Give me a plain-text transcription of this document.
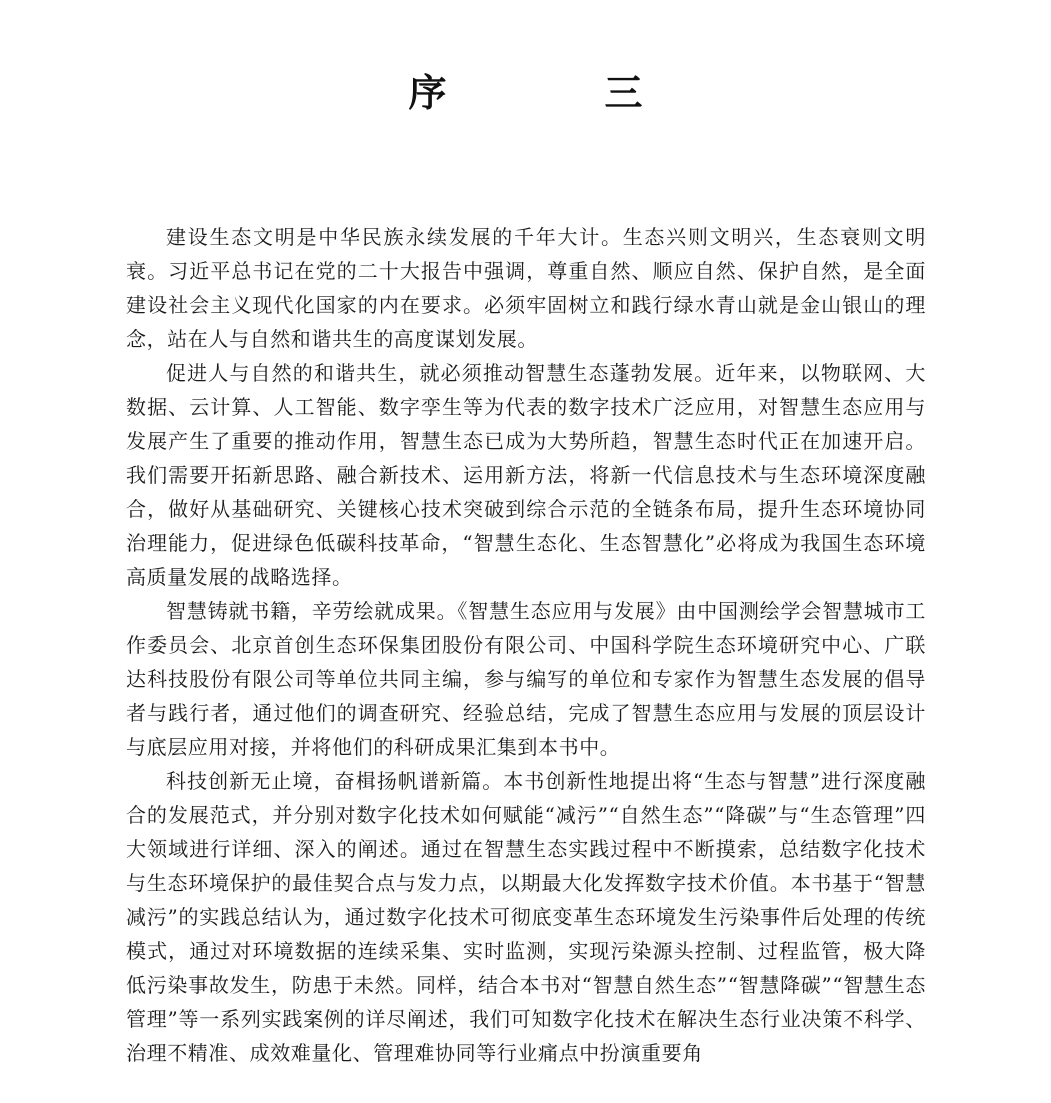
序　三

建设生态文明是中华民族永续发展的千年大计。生态兴则文明兴，生态衰则文明衰。习近平总书记在党的二十大报告中强调，尊重自然、顺应自然、保护自然，是全面建设社会主义现代化国家的内在要求。必须牢固树立和践行绿水青山就是金山银山的理念，站在人与自然和谐共生的高度谋划发展。

促进人与自然的和谐共生，就必须推动智慧生态蓬勃发展。近年来，以物联网、大数据、云计算、人工智能、数字孪生等为代表的数字技术广泛应用，对智慧生态应用与发展产生了重要的推动作用，智慧生态已成为大势所趋，智慧生态时代正在加速开启。我们需要开拓新思路、融合新技术、运用新方法，将新一代信息技术与生态环境深度融合，做好从基础研究、关键核心技术突破到综合示范的全链条布局，提升生态环境协同治理能力，促进绿色低碳科技革命，“智慧生态化、生态智慧化”必将成为我国生态环境高质量发展的战略选择。

智慧铸就书籍，辛劳绘就成果。《智慧生态应用与发展》由中国测绘学会智慧城市工作委员会、北京首创生态环保集团股份有限公司、中国科学院生态环境研究中心、广联达科技股份有限公司等单位共同主编，参与编写的单位和专家作为智慧生态发展的倡导者与践行者，通过他们的调查研究、经验总结，完成了智慧生态应用与发展的顶层设计与底层应用对接，并将他们的科研成果汇集到本书中。

科技创新无止境，奋楫扬帆谱新篇。本书创新性地提出将“生态与智慧”进行深度融合的发展范式，并分别对数字化技术如何赋能“减污”“自然生态”“降碳”与“生态管理”四大领域进行详细、深入的阐述。通过在智慧生态实践过程中不断摸索，总结数字化技术与生态环境保护的最佳契合点与发力点，以期最大化发挥数字技术价值。本书基于“智慧减污”的实践总结认为，通过数字化技术可彻底变革生态环境发生污染事件后处理的传统模式，通过对环境数据的连续采集、实时监测，实现污染源头控制、过程监管，极大降低污染事故发生，防患于未然。同样，结合本书对“智慧自然生态”“智慧降碳”“智慧生态管理”等一系列实践案例的详尽阐述，我们可知数字化技术在解决生态行业决策不科学、治理不精准、成效难量化、管理难协同等行业痛点中扮演重要角
